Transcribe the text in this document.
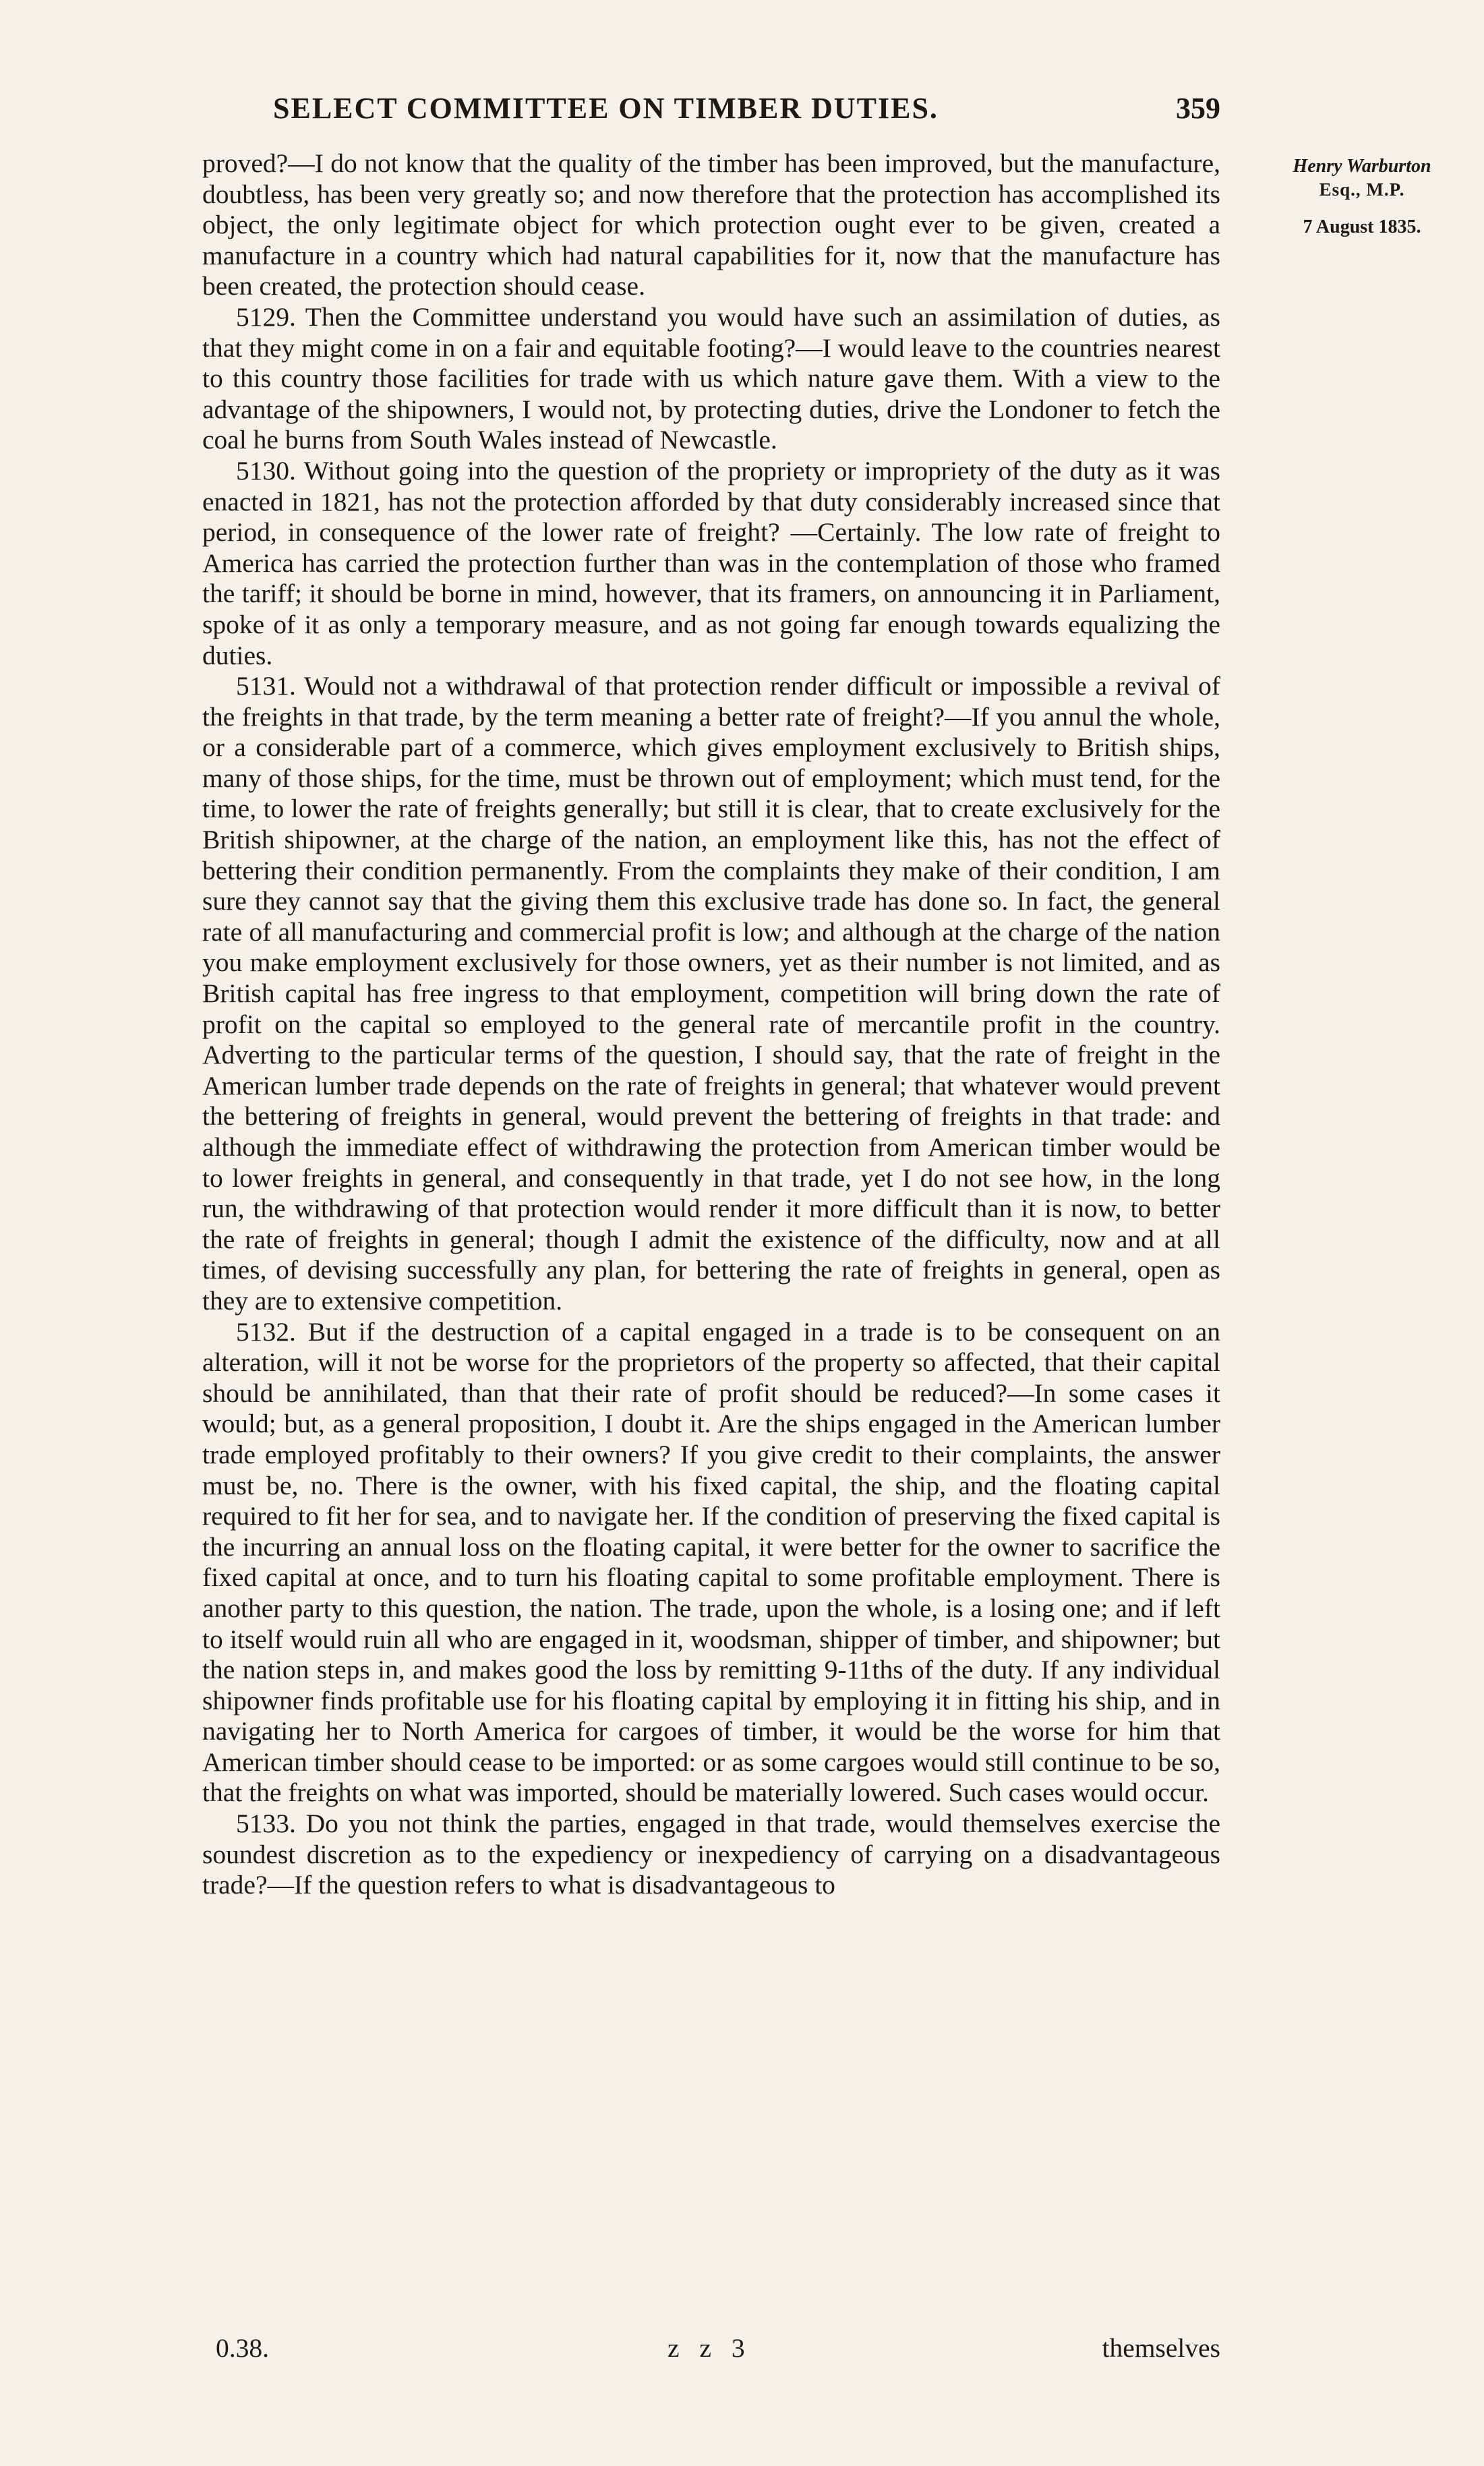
SELECT COMMITTEE ON TIMBER DUTIES.	359
Henry Warburton
Esq., M.P.
7 August 1835.

proved?—I do not know that the quality of the timber has been improved, but the manufacture, doubtless, has been very greatly so; and now therefore that the protection has accomplished its object, the only legitimate object for which protection ought ever to be given, created a manufacture in a country which had natural capabilities for it, now that the manufacture has been created, the protection should cease.

5129. Then the Committee understand you would have such an assimilation of duties, as that they might come in on a fair and equitable footing?—I would leave to the countries nearest to this country those facilities for trade with us which nature gave them. With a view to the advantage of the shipowners, I would not, by protecting duties, drive the Londoner to fetch the coal he burns from South Wales instead of Newcastle.

5130. Without going into the question of the propriety or impropriety of the duty as it was enacted in 1821, has not the protection afforded by that duty considerably increased since that period, in consequence of the lower rate of freight? —Certainly. The low rate of freight to America has carried the protection further than was in the contemplation of those who framed the tariff; it should be borne in mind, however, that its framers, on announcing it in Parliament, spoke of it as only a temporary measure, and as not going far enough towards equalizing the duties.

5131. Would not a withdrawal of that protection render difficult or impossible a revival of the freights in that trade, by the term meaning a better rate of freight?—If you annul the whole, or a considerable part of a commerce, which gives employment exclusively to British ships, many of those ships, for the time, must be thrown out of employment; which must tend, for the time, to lower the rate of freights generally; but still it is clear, that to create exclusively for the British shipowner, at the charge of the nation, an employment like this, has not the effect of bettering their condition permanently. From the complaints they make of their condition, I am sure they cannot say that the giving them this exclusive trade has done so. In fact, the general rate of all manufacturing and commercial profit is low; and although at the charge of the nation you make employment exclusively for those owners, yet as their number is not limited, and as British capital has free ingress to that employment, competition will bring down the rate of profit on the capital so employed to the general rate of mercantile profit in the country. Adverting to the particular terms of the question, I should say, that the rate of freight in the American lumber trade depends on the rate of freights in general; that whatever would prevent the bettering of freights in general, would prevent the bettering of freights in that trade: and although the immediate effect of withdrawing the protection from American timber would be to lower freights in general, and consequently in that trade, yet I do not see how, in the long run, the withdrawing of that protection would render it more difficult than it is now, to better the rate of freights in general; though I admit the existence of the difficulty, now and at all times, of devising successfully any plan, for bettering the rate of freights in general, open as they are to extensive competition.

5132. But if the destruction of a capital engaged in a trade is to be consequent on an alteration, will it not be worse for the proprietors of the property so affected, that their capital should be annihilated, than that their rate of profit should be reduced?—In some cases it would; but, as a general proposition, I doubt it. Are the ships engaged in the American lumber trade employed profitably to their owners? If you give credit to their complaints, the answer must be, no. There is the owner, with his fixed capital, the ship, and the floating capital required to fit her for sea, and to navigate her. If the condition of preserving the fixed capital is the incurring an annual loss on the floating capital, it were better for the owner to sacrifice the fixed capital at once, and to turn his floating capital to some profitable employment. There is another party to this question, the nation. The trade, upon the whole, is a losing one; and if left to itself would ruin all who are engaged in it, woodsman, shipper of timber, and shipowner; but the nation steps in, and makes good the loss by remitting 9-11ths of the duty. If any individual shipowner finds profitable use for his floating capital by employing it in fitting his ship, and in navigating her to North America for cargoes of timber, it would be the worse for him that American timber should cease to be imported: or as some cargoes would still continue to be so, that the freights on what was imported, should be materially lowered. Such cases would occur.

5133. Do you not think the parties, engaged in that trade, would themselves exercise the soundest discretion as to the expediency or inexpediency of carrying on a disadvantageous trade?—If the question refers to what is disadvantageous to

0.38.	z z 3	themselves
